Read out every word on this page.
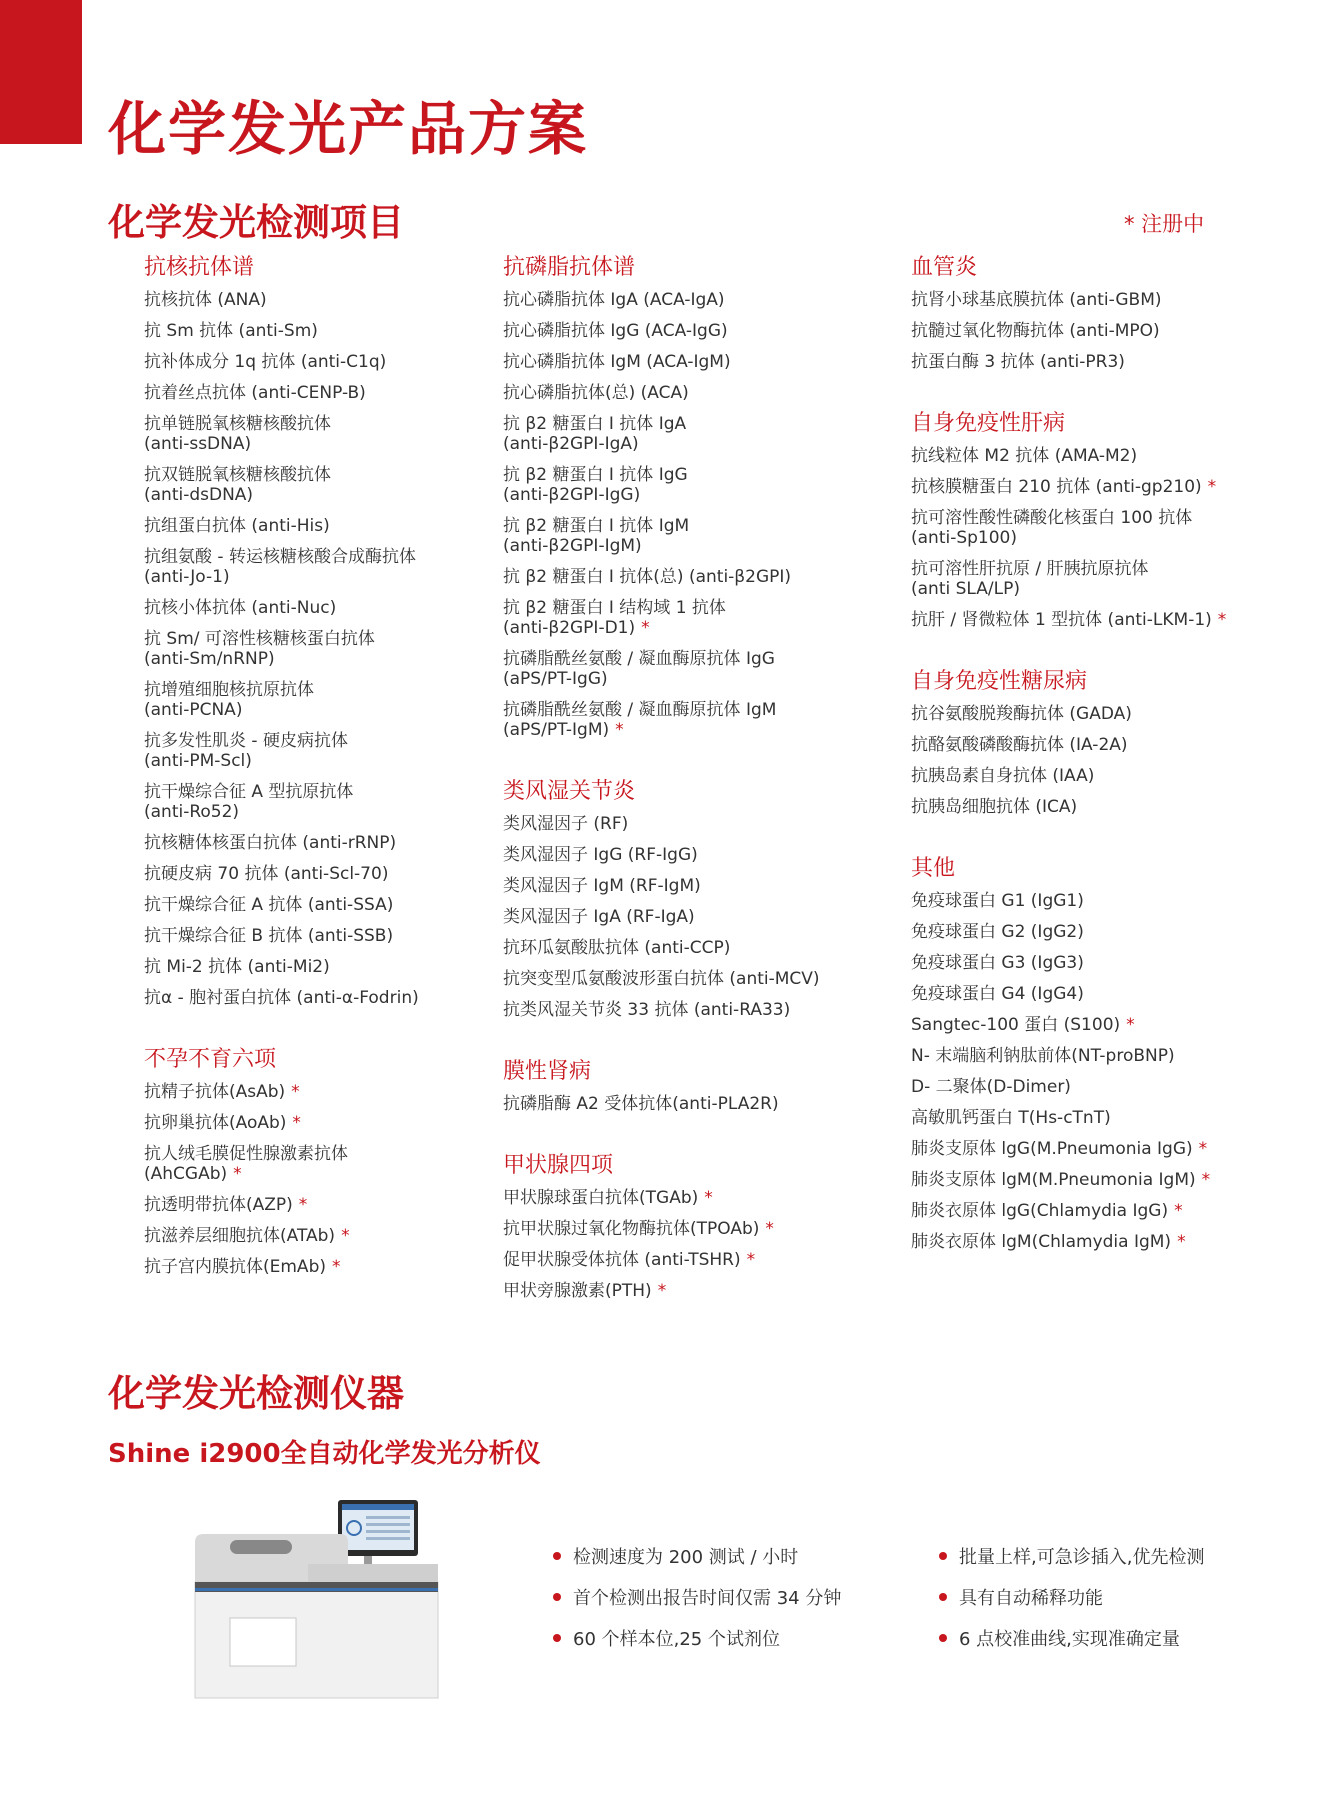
化学发光产品方案
化学发光检测项目	* 注册中
抗核抗体谱
抗核抗体 (ANA)
抗 Sm 抗体 (anti-Sm)
抗补体成分 1q 抗体 (anti-C1q)
抗着丝点抗体 (anti-CENP-B)
抗单链脱氧核糖核酸抗体
(anti-ssDNA)
抗双链脱氧核糖核酸抗体
(anti-dsDNA)
抗组蛋白抗体 (anti-His)
抗组氨酸 - 转运核糖核酸合成酶抗体
(anti-Jo-1)
抗核小体抗体 (anti-Nuc)
抗 Sm/ 可溶性核糖核蛋白抗体
(anti-Sm/nRNP)
抗增殖细胞核抗原抗体
(anti-PCNA)
抗多发性肌炎 - 硬皮病抗体
(anti-PM-Scl)
抗干燥综合征 A 型抗原抗体
(anti-Ro52)
抗核糖体核蛋白抗体 (anti-rRNP)
抗硬皮病 70 抗体 (anti-Scl-70)
抗干燥综合征 A 抗体 (anti-SSA)
抗干燥综合征 B 抗体 (anti-SSB)
抗 Mi-2 抗体 (anti-Mi2)
抗α - 胞衬蛋白抗体 (anti-α-Fodrin)
不孕不育六项
抗精子抗体(AsAb) *
抗卵巢抗体(AoAb) *
抗人绒毛膜促性腺激素抗体
(AhCGAb) *
抗透明带抗体(AZP) *
抗滋养层细胞抗体(ATAb) *
抗子宫内膜抗体(EmAb) *
抗磷脂抗体谱
抗心磷脂抗体 IgA (ACA-IgA)
抗心磷脂抗体 IgG (ACA-IgG)
抗心磷脂抗体 IgM (ACA-IgM)
抗心磷脂抗体(总) (ACA)
抗 β2 糖蛋白 I 抗体 IgA
(anti-β2GPI-IgA)
抗 β2 糖蛋白 I 抗体 IgG
(anti-β2GPI-IgG)
抗 β2 糖蛋白 I 抗体 IgM
(anti-β2GPI-IgM)
抗 β2 糖蛋白 I 抗体(总) (anti-β2GPI)
抗 β2 糖蛋白 I 结构域 1 抗体
(anti-β2GPI-D1) *
抗磷脂酰丝氨酸 / 凝血酶原抗体 IgG
(aPS/PT-IgG)
抗磷脂酰丝氨酸 / 凝血酶原抗体 IgM
(aPS/PT-IgM) *
类风湿关节炎
类风湿因子 (RF)
类风湿因子 IgG (RF-IgG)
类风湿因子 IgM (RF-IgM)
类风湿因子 IgA (RF-IgA)
抗环瓜氨酸肽抗体 (anti-CCP)
抗突变型瓜氨酸波形蛋白抗体 (anti-MCV)
抗类风湿关节炎 33 抗体 (anti-RA33)
膜性肾病
抗磷脂酶 A2 受体抗体(anti-PLA2R)
甲状腺四项
甲状腺球蛋白抗体(TGAb) *
抗甲状腺过氧化物酶抗体(TPOAb) *
促甲状腺受体抗体 (anti-TSHR) *
甲状旁腺激素(PTH) *
血管炎
抗肾小球基底膜抗体 (anti-GBM)
抗髓过氧化物酶抗体 (anti-MPO)
抗蛋白酶 3 抗体 (anti-PR3)
自身免疫性肝病
抗线粒体 M2 抗体 (AMA-M2)
抗核膜糖蛋白 210 抗体 (anti-gp210) *
抗可溶性酸性磷酸化核蛋白 100 抗体
(anti-Sp100)
抗可溶性肝抗原 / 肝胰抗原抗体
(anti SLA/LP)
抗肝 / 肾微粒体 1 型抗体 (anti-LKM-1) *
自身免疫性糖尿病
抗谷氨酸脱羧酶抗体 (GADA)
抗酪氨酸磷酸酶抗体 (IA-2A)
抗胰岛素自身抗体 (IAA)
抗胰岛细胞抗体 (ICA)
其他
免疫球蛋白 G1 (IgG1)
免疫球蛋白 G2 (IgG2)
免疫球蛋白 G3 (IgG3)
免疫球蛋白 G4 (IgG4)
Sangtec-100 蛋白 (S100) *
N- 末端脑利钠肽前体(NT-proBNP)
D- 二聚体(D-Dimer)
高敏肌钙蛋白 T(Hs-cTnT)
肺炎支原体 lgG(M.Pneumonia IgG) *
肺炎支原体 lgM(M.Pneumonia IgM) *
肺炎衣原体 lgG(Chlamydia IgG) *
肺炎衣原体 lgM(Chlamydia IgM) *
化学发光检测仪器
Shine i2900全自动化学发光分析仪
检测速度为 200 测试 / 小时
首个检测出报告时间仅需 34 分钟
60 个样本位,25 个试剂位
批量上样,可急诊插入,优先检测
具有自动稀释功能
6 点校准曲线,实现准确定量
